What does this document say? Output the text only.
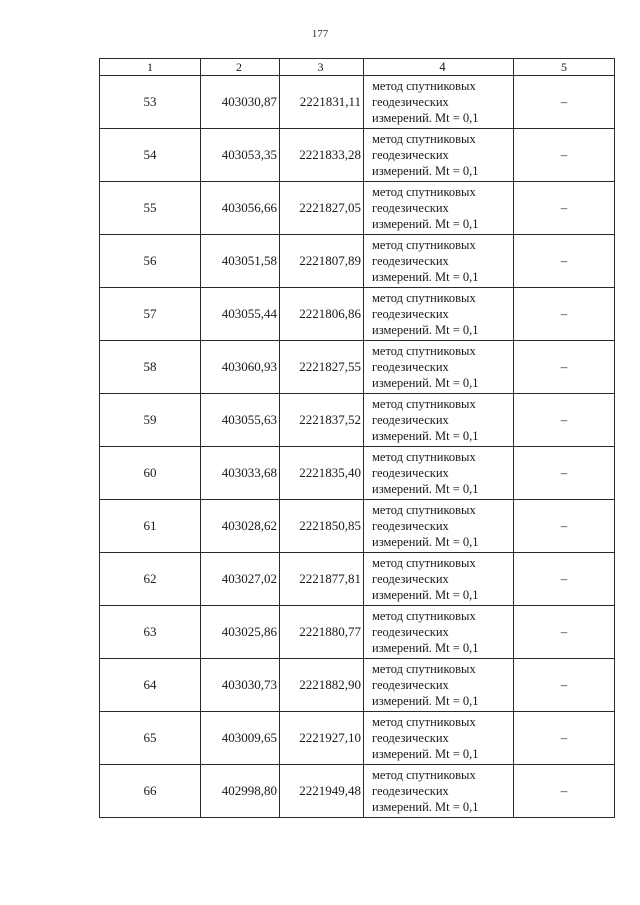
177
1	2	3	4	5
53	403030,87	2221831,11	метод спутниковых
геодезических
измерений. Mt = 0,1	–
54	403053,35	2221833,28	метод спутниковых
геодезических
измерений. Mt = 0,1	–
55	403056,66	2221827,05	метод спутниковых
геодезических
измерений. Mt = 0,1	–
56	403051,58	2221807,89	метод спутниковых
геодезических
измерений. Mt = 0,1	–
57	403055,44	2221806,86	метод спутниковых
геодезических
измерений. Mt = 0,1	–
58	403060,93	2221827,55	метод спутниковых
геодезических
измерений. Mt = 0,1	–
59	403055,63	2221837,52	метод спутниковых
геодезических
измерений. Mt = 0,1	–
60	403033,68	2221835,40	метод спутниковых
геодезических
измерений. Mt = 0,1	–
61	403028,62	2221850,85	метод спутниковых
геодезических
измерений. Mt = 0,1	–
62	403027,02	2221877,81	метод спутниковых
геодезических
измерений. Mt = 0,1	–
63	403025,86	2221880,77	метод спутниковых
геодезических
измерений. Mt = 0,1	–
64	403030,73	2221882,90	метод спутниковых
геодезических
измерений. Mt = 0,1	–
65	403009,65	2221927,10	метод спутниковых
геодезических
измерений. Mt = 0,1	–
66	402998,80	2221949,48	метод спутниковых
геодезических
измерений. Mt = 0,1	–
